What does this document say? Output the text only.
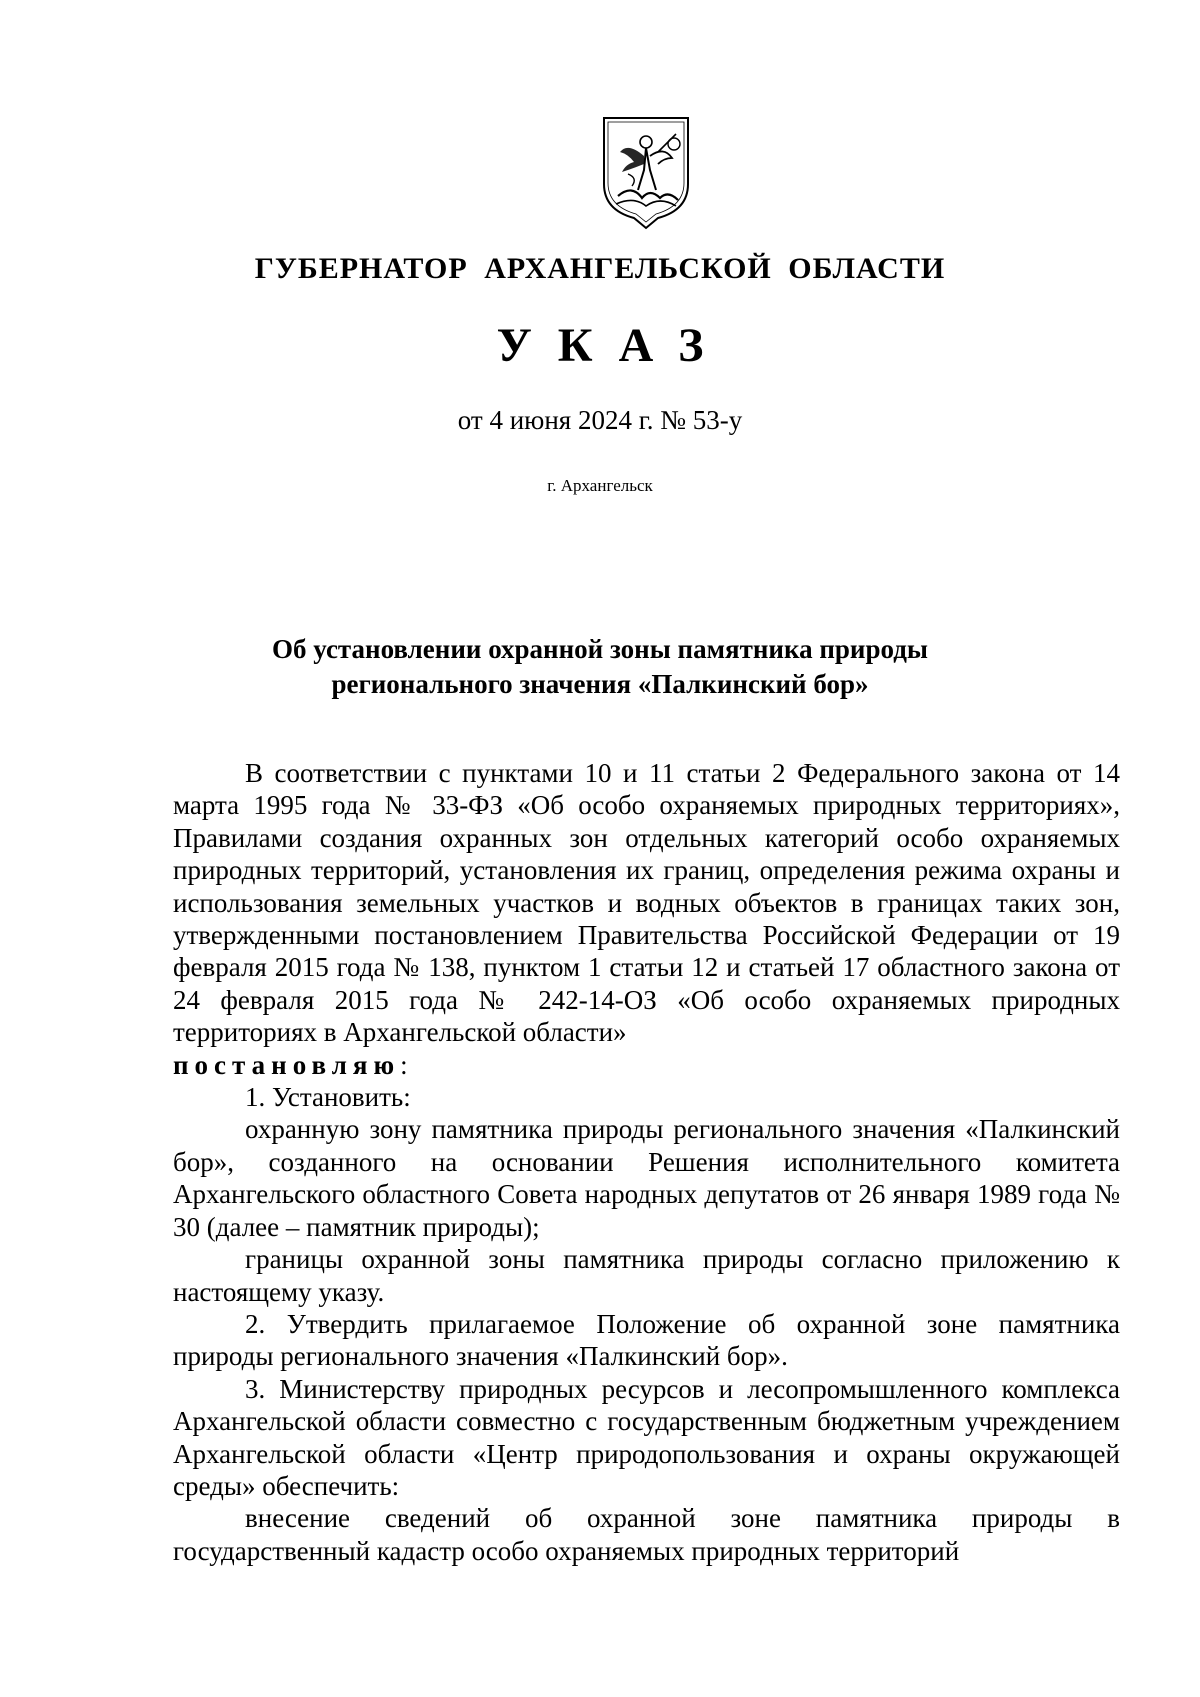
ГУБЕРНАТОР АРХАНГЕЛЬСКОЙ ОБЛАСТИ
УКАЗ
от 4 июня 2024 г. № 53-у
г. Архангельск
Об установлении охранной зоны памятника природы
регионального значения «Палкинский бор»

В соответствии с пунктами 10 и 11 статьи 2 Федерального закона от 14 марта 1995 года № 33-ФЗ «Об особо охраняемых природных территориях», Правилами создания охранных зон отдельных категорий особо охраняемых природных территорий, установления их границ, определения режима охраны и использования земельных участков и водных объектов в границах таких зон, утвержденными постановлением Правительства Российской Федерации от 19 февраля 2015 года № 138, пунктом 1 статьи 12 и статьей 17 областного закона от 24 февраля 2015 года № 242-14-ОЗ «Об особо охраняемых природных территориях в Архангельской области»

постановляю:

1. Установить:

охранную зону памятника природы регионального значения «Палкинский бор», созданного на основании Решения исполнительного комитета Архангельского областного Совета народных депутатов от 26 января 1989 года № 30 (далее – памятник природы);

границы охранной зоны памятника природы согласно приложению к настоящему указу.

2. Утвердить прилагаемое Положение об охранной зоне памятника природы регионального значения «Палкинский бор».

3. Министерству природных ресурсов и лесопромышленного комплекса Архангельской области совместно с государственным бюджетным учреждением Архангельской области «Центр природопользования и охраны окружающей среды» обеспечить:

внесение сведений об охранной зоне памятника природы в государственный кадастр особо охраняемых природных территорий
